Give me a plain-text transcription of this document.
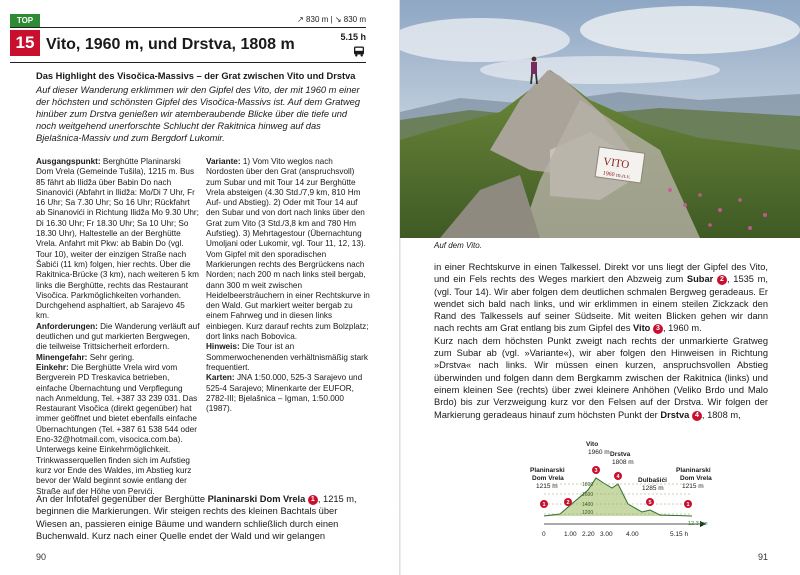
TOP
15
↗ 830 m | ↘ 830 m
Vito, 1960 m, und Drstva, 1808 m	5.15 h
Das Highlight des Visočica-Massivs – der Grat zwischen Vito und Drstva

Auf dieser Wanderung erklimmen wir den Gipfel des Vito, der mit 1960 m einer der höchsten und schönsten Gipfel des Visočica-Massivs ist. Auf dem Gratweg hinüber zum Drstva genießen wir atemberaubende Blicke über die tiefe und noch weitgehend unerforschte Schlucht der Rakitnica hinweg auf das Bjelašnica-Massiv und zum Bergdorf Lukomir.

Ausgangspunkt: Berghütte Planinarski Dom Vrela (Gemeinde Tušila), 1215 m. Bus 85 fährt ab Ilidža über Babin Do nach Sinanovići (Abfahrt in Ilidža: Mo/Di 7 Uhr, Fr 16 Uhr; Sa 7.30 Uhr; So 16 Uhr; Rückfahrt ab Sinanovići in Richtung Ilidža Mo 9.30 Uhr; Di 16.30 Uhr; Fr 18.30 Uhr; Sa 10 Uhr; So 18.30 Uhr), Haltestelle an der Berghütte Vrela. Anfahrt mit Pkw: ab Babin Do (vgl. Tour 10), weiter der einzigen Straße nach Šabići (11 km) folgen, hier rechts. Über die Rakitnica-Brücke (3 km), nach weiteren 5 km links die Berghütte, rechts das Restaurant Visočica. Parkmöglichkeiten vorhanden. Durchgehend asphaltiert, ab Sarajevo 45 km.

Anforderungen: Die Wanderung verläuft auf deutlichen und gut markierten Bergwegen, die teilweise Trittsicherheit erfordern.

Minengefahr: Sehr gering.

Einkehr: Die Berghütte Vrela wird vom Bergverein PD Treskavica betrieben, einfache Übernachtung und Verpflegung nach Anmeldung, Tel. +387 33 239 031. Das Restaurant Visočica (direkt gegenüber) hat immer geöffnet und bietet ebenfalls einfache Übernachtungen (Tel. +387 61 538 544 oder Eno-32@hotmail.com, visocica.com.ba). Unterwegs keine Einkehrmöglichkeit. Trinkwasserquellen finden sich im Aufstieg kurz vor Ende des Waldes, im Abstieg kurz bevor der Wald beginnt sowie entlang der Straße auf der Höhe von Pervići.

Variante: 1) Vom Vito weglos nach Nordosten über den Grat (anspruchsvoll) zum Subar und mit Tour 14 zur Berghütte Vrela absteigen (4.30 Std./7,9 km, 810 Hm Auf- und Abstieg). 2) Oder mit Tour 14 auf den Subar und von dort nach links über den Grat zum Vito (3 Std./3,8 km and 780 Hm Aufstieg). 3) Mehrtagestour (Übernachtung Umoljani oder Lukomir, vgl. Tour 11, 12, 13). Vom Gipfel mit den sporadischen Markierungen rechts des Bergrückens nach Norden; nach 200 m nach links steil bergab, dann 300 m weit zwischen Heidelbeersträuchern in einer Rechtskurve in den Wald. Gut markiert weiter bergab zu einem Fahrweg und in diesen links einbiegen. Kurz darauf rechts zum Bolzplatz; dort links nach Bobovica.

Hinweis: Die Tour ist an Sommerwochenenden verhältnismäßig stark frequentiert.

Karten: JNA 1:50.000, 525-3 Sarajevo und 525-4 Sarajevo; Minenkarte der EUFOR, 2782-III; Bjelašnica – Igman, 1:50.000 (1987).

An der Infotafel gegenüber der Berghütte Planinarski Dom Vrela 1 , 1215 m, beginnen die Markierungen. Wir steigen rechts des kleinen Bachtals über Wiesen an, passieren einige Bäume und wandern schließlich durch einen Buchenwald. Kurz nach einer Quelle endet der Wald und wir gelangen

90
VITO
1960 m.n.v.
91
Auf dem Vito.

in einer Rechtskurve in einen Talkessel. Direkt vor uns liegt der Gipfel des Vito, und ein Fels rechts des Weges markiert den Abzweig zum Subar 2 , 1535 m, (vgl. Tour 14). Wir aber folgen dem deutlichen schmalen Bergweg geradeaus. Er wendet sich bald nach links, und wir erklimmen in einem steilen Zickzack den Rand des Talkessels auf seiner Südseite. Mit weiten Blicken gehen wir dann nach rechts am Grat entlang bis zum Gipfel des Vito 3 , 1960 m.

Kurz nach dem höchsten Punkt zweigt nach rechts der unmarkierte Gratweg zum Subar ab (vgl. »Variante«), wir aber folgen den Hinweisen in Richtung »Drstva« nach links. Wir müssen einen kurzen, anspruchsvollen Abstieg überwinden und folgen dann dem Bergkamm zwischen der Rakitnica (links) und einem kleinen See (rechts) über zwei kleinere Anhöhen (Veliko Brdo und Malo Brdo) bis zur Verzweigung kurz vor den Felsen auf der Drstva. Wir folgen der Markierung geradeaus hinauf zum höchsten Punkt der Drstva 4 , 1808 m,

1800
1600
1400
1200
12.3 km
0	1.00 2.20 3.00 4.00	5.15 h
1	2
3
4
5	1
Planinarski
Dom Vrela
Vito
Drstva
Dulbašići
Planinarski
Dom Vrela
1215 m
1960 m
1808 m
1285 m	1215 m
